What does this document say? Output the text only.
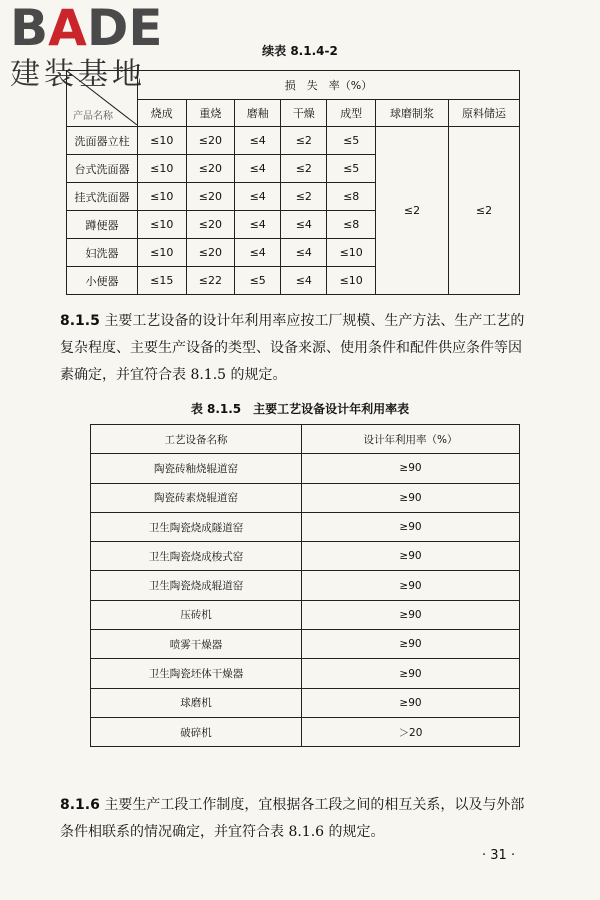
BADE
建装基地
续表 8.1.4-2
产品名称	损　失　率（%）						
	烧成	重烧	磨釉	干燥	成型	球磨制浆	原料储运
洗面器立柱	≤10	≤20	≤4	≤2	≤5	≤2	≤2
台式洗面器	≤10	≤20	≤4	≤2	≤5		
挂式洗面器	≤10	≤20	≤4	≤2	≤8		
蹲便器	≤10	≤20	≤4	≤4	≤8		
妇洗器	≤10	≤20	≤4	≤4	≤10		
小便器	≤15	≤22	≤5	≤4	≤10		
8.1.5 主要工艺设备的设计年利用率应按工厂规模、生产方法、生产工艺的复杂程度、主要生产设备的类型、设备来源、使用条件和配件供应条件等因素确定，并宜符合表 8.1.5 的规定。
表 8.1.5　主要工艺设备设计年利用率表
工艺设备名称	设计年利用率（%）
陶瓷砖釉烧辊道窑	≥90
陶瓷砖素烧辊道窑	≥90
卫生陶瓷烧成隧道窑	≥90
卫生陶瓷烧成梭式窑	≥90
卫生陶瓷烧成辊道窑	≥90
压砖机	≥90
喷雾干燥器	≥90
卫生陶瓷坯体干燥器	≥90
球磨机	≥90
破碎机	＞20
8.1.6 主要生产工段工作制度，宜根据各工段之间的相互关系，以及与外部条件相联系的情况确定，并宜符合表 8.1.6 的规定。
· 31 ·
